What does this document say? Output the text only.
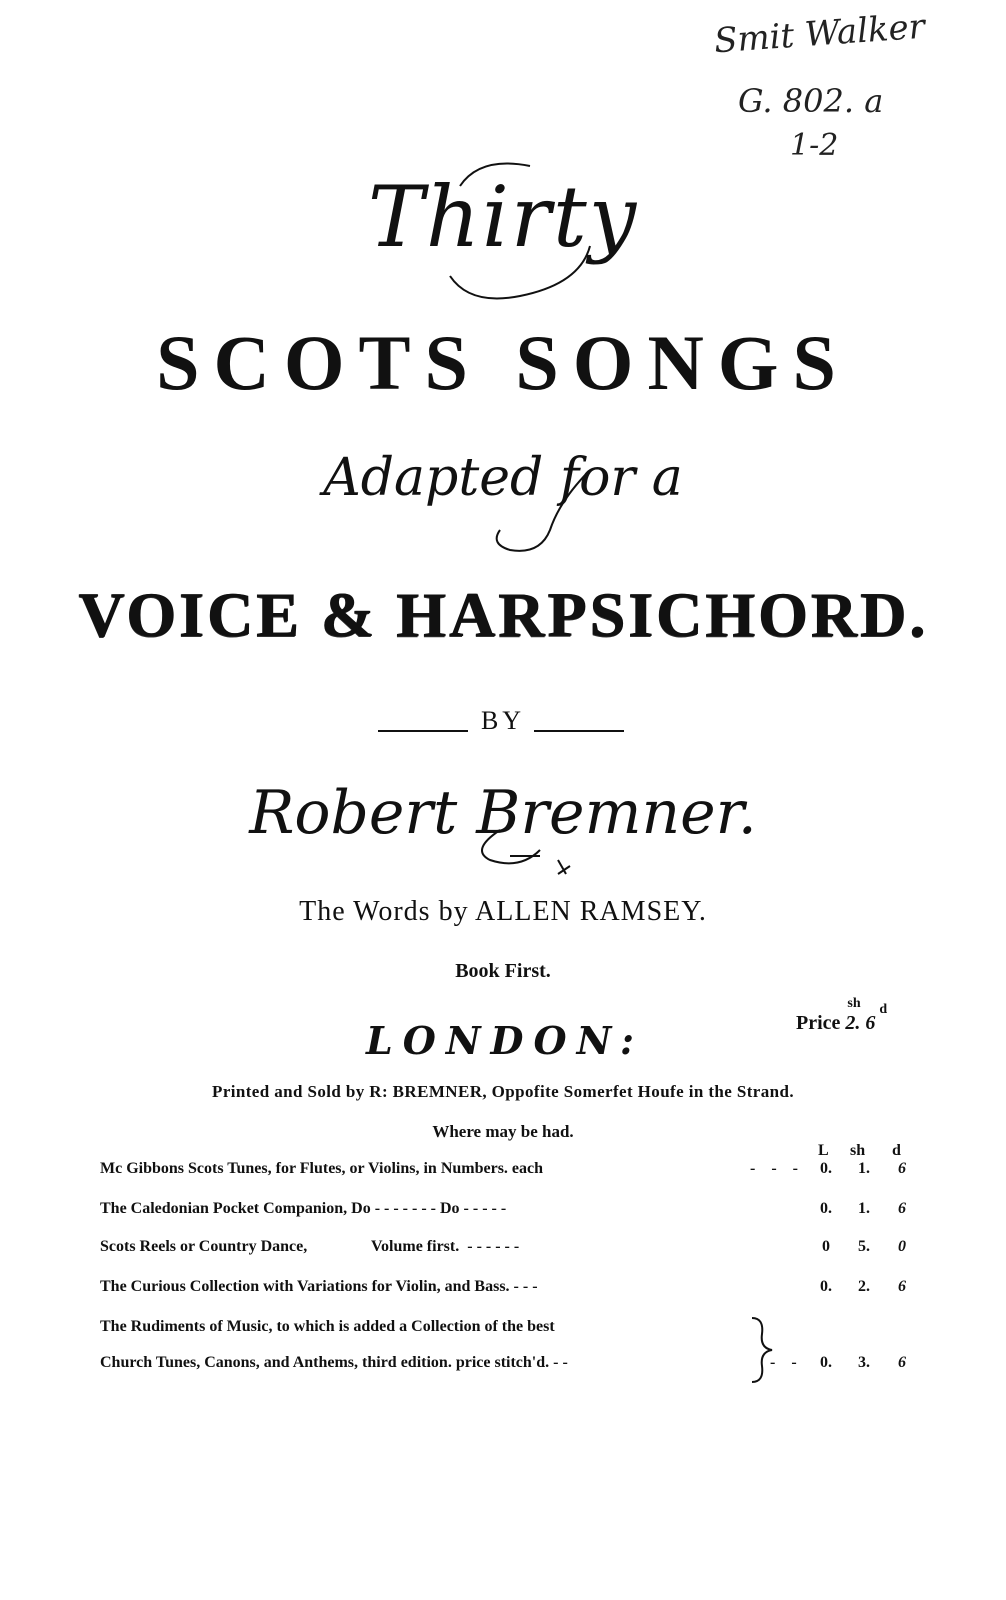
Smit Walker
G. 802. a
1-2
Thirty
SCOTS SONGS
Adapted for a
VOICE & HARPSICHORD.
BY
Robert Bremner.
The Words by ALLEN RAMSEY.
Book First.
LONDON:	Price 2.
sh
6
d
Printed and Sold by R: BREMNER, Oppofite Somerfet Houfe in the Strand.
Where may be had.
L sh d
Mc Gibbons Scots Tunes, for Flutes, or Violins, in Numbers. each	- - -	0.	1.	6
The Caledonian Pocket Companion, Do - - - - - - - Do - - - - -	0.	1.	6
Scots Reels or Country Dance,                Volume first.  - - - - - -	0	5.	0
The Curious Collection with Variations for Violin, and Bass. - - -	0.	2.	6
The Rudiments of Music, to which is added a Collection of the best
Church Tunes, Canons, and Anthems, third edition. price stitch'd. - -	- -	0.	3.	6
